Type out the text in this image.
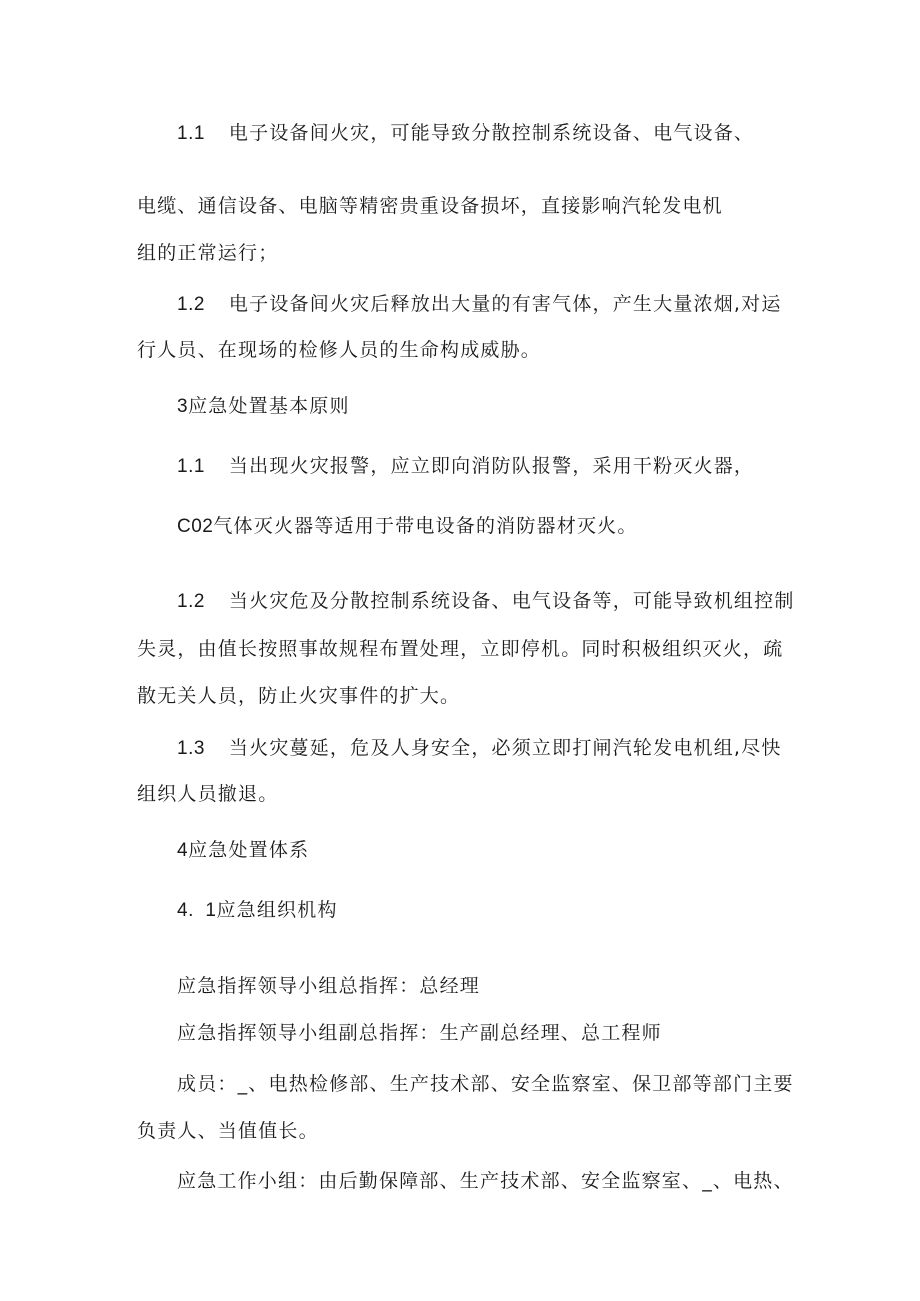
1.1 电子设备间火灾，可能导致分散控制系统设备、电气设备、
电缆、通信设备、电脑等精密贵重设备损坏，直接影响汽轮发电机
组的正常运行；
1.2 电子设备间火灾后释放出大量的有害气体，产生大量浓烟,对运
行人员、在现场的检修人员的生命构成威胁。
3应急处置基本原则
1.1 当出现火灾报警，应立即向消防队报警，采用干粉灭火器，
C02气体灭火器等适用于带电设备的消防器材灭火。
1.2 当火灾危及分散控制系统设备、电气设备等，可能导致机组控制
失灵，由值长按照事故规程布置处理，立即停机。同时积极组织灭火，疏
散无关人员，防止火灾事件的扩大。
1.3 当火灾蔓延，危及人身安全，必须立即打闸汽轮发电机组,尽快
组织人员撤退。
4应急处置体系
4.  1应急组织机构
应急指挥领导小组总指挥：总经理
应急指挥领导小组副总指挥：生产副总经理、总工程师
成员：_、电热检修部、生产技术部、安全监察室、保卫部等部门主要
负责人、当值值长。
应急工作小组：由后勤保障部、生产技术部、安全监察室、_、电热、
